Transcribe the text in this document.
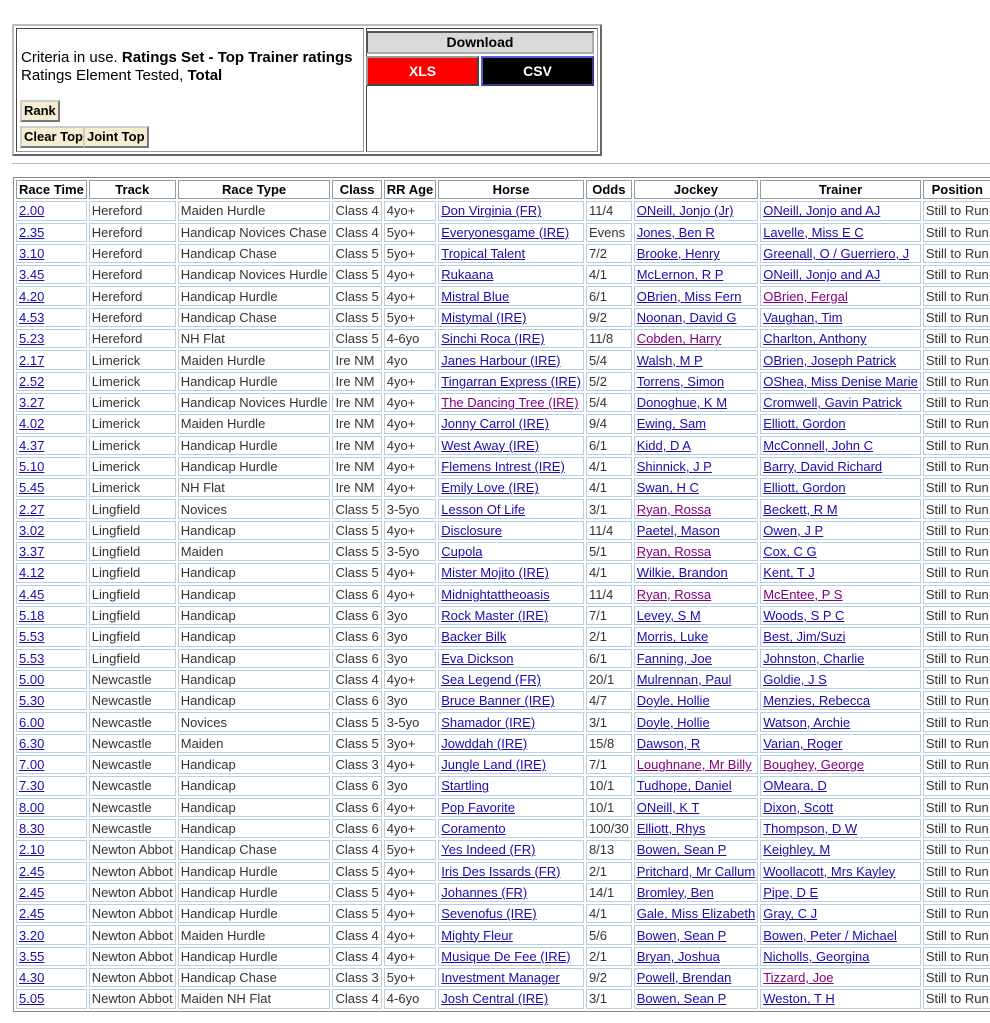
Criteria in use. Ratings Set - Top Trainer ratings
Ratings Element Tested, Total

Rank
Clear Top Joint Top
Download
XLS	CSV
Race Time	Track	Race Type	Class	RR Age	Horse	Odds	Jockey	Trainer	Position
2.00	Hereford	Maiden Hurdle	Class 4	4yo+	Don Virginia (FR)	11/4	ONeill, Jonjo (Jr)	ONeill, Jonjo and AJ	Still to Run
2.35	Hereford	Handicap Novices Chase	Class 4	5yo+	Everyonesgame (IRE)	Evens	Jones, Ben R	Lavelle, Miss E C	Still to Run
3.10	Hereford	Handicap Chase	Class 5	5yo+	Tropical Talent	7/2	Brooke, Henry	Greenall, O / Guerriero, J	Still to Run
3.45	Hereford	Handicap Novices Hurdle	Class 5	4yo+	Rukaana	4/1	McLernon, R P	ONeill, Jonjo and AJ	Still to Run
4.20	Hereford	Handicap Hurdle	Class 5	4yo+	Mistral Blue	6/1	OBrien, Miss Fern	OBrien, Fergal	Still to Run
4.53	Hereford	Handicap Chase	Class 5	5yo+	Mistymal (IRE)	9/2	Noonan, David G	Vaughan, Tim	Still to Run
5.23	Hereford	NH Flat	Class 5	4-6yo	Sinchi Roca (IRE)	11/8	Cobden, Harry	Charlton, Anthony	Still to Run
2.17	Limerick	Maiden Hurdle	Ire NM	4yo	Janes Harbour (IRE)	5/4	Walsh, M P	OBrien, Joseph Patrick	Still to Run
2.52	Limerick	Handicap Hurdle	Ire NM	4yo+	Tingarran Express (IRE)	5/2	Torrens, Simon	OShea, Miss Denise Marie	Still to Run
3.27	Limerick	Handicap Novices Hurdle	Ire NM	4yo+	The Dancing Tree (IRE)	5/4	Donoghue, K M	Cromwell, Gavin Patrick	Still to Run
4.02	Limerick	Maiden Hurdle	Ire NM	4yo+	Jonny Carrol (IRE)	9/4	Ewing, Sam	Elliott, Gordon	Still to Run
4.37	Limerick	Handicap Hurdle	Ire NM	4yo+	West Away (IRE)	6/1	Kidd, D A	McConnell, John C	Still to Run
5.10	Limerick	Handicap Hurdle	Ire NM	4yo+	Flemens Intrest (IRE)	4/1	Shinnick, J P	Barry, David Richard	Still to Run
5.45	Limerick	NH Flat	Ire NM	4yo+	Emily Love (IRE)	4/1	Swan, H C	Elliott, Gordon	Still to Run
2.27	Lingfield	Novices	Class 5	3-5yo	Lesson Of Life	3/1	Ryan, Rossa	Beckett, R M	Still to Run
3.02	Lingfield	Handicap	Class 5	4yo+	Disclosure	11/4	Paetel, Mason	Owen, J P	Still to Run
3.37	Lingfield	Maiden	Class 5	3-5yo	Cupola	5/1	Ryan, Rossa	Cox, C G	Still to Run
4.12	Lingfield	Handicap	Class 5	4yo+	Mister Mojito (IRE)	4/1	Wilkie, Brandon	Kent, T J	Still to Run
4.45	Lingfield	Handicap	Class 6	4yo+	Midnightattheoasis	11/4	Ryan, Rossa	McEntee, P S	Still to Run
5.18	Lingfield	Handicap	Class 6	3yo	Rock Master (IRE)	7/1	Levey, S M	Woods, S P C	Still to Run
5.53	Lingfield	Handicap	Class 6	3yo	Backer Bilk	2/1	Morris, Luke	Best, Jim/Suzi	Still to Run
5.53	Lingfield	Handicap	Class 6	3yo	Eva Dickson	6/1	Fanning, Joe	Johnston, Charlie	Still to Run
5.00	Newcastle	Handicap	Class 4	4yo+	Sea Legend (FR)	20/1	Mulrennan, Paul	Goldie, J S	Still to Run
5.30	Newcastle	Handicap	Class 6	3yo	Bruce Banner (IRE)	4/7	Doyle, Hollie	Menzies, Rebecca	Still to Run
6.00	Newcastle	Novices	Class 5	3-5yo	Shamador (IRE)	3/1	Doyle, Hollie	Watson, Archie	Still to Run
6.30	Newcastle	Maiden	Class 5	3yo+	Jowddah (IRE)	15/8	Dawson, R	Varian, Roger	Still to Run
7.00	Newcastle	Handicap	Class 3	4yo+	Jungle Land (IRE)	7/1	Loughnane, Mr Billy	Boughey, George	Still to Run
7.30	Newcastle	Handicap	Class 6	3yo	Startling	10/1	Tudhope, Daniel	OMeara, D	Still to Run
8.00	Newcastle	Handicap	Class 6	4yo+	Pop Favorite	10/1	ONeill, K T	Dixon, Scott	Still to Run
8.30	Newcastle	Handicap	Class 6	4yo+	Coramento	100/30	Elliott, Rhys	Thompson, D W	Still to Run
2.10	Newton Abbot	Handicap Chase	Class 4	5yo+	Yes Indeed (FR)	8/13	Bowen, Sean P	Keighley, M	Still to Run
2.45	Newton Abbot	Handicap Hurdle	Class 5	4yo+	Iris Des Issards (FR)	2/1	Pritchard, Mr Callum	Woollacott, Mrs Kayley	Still to Run
2.45	Newton Abbot	Handicap Hurdle	Class 5	4yo+	Johannes (FR)	14/1	Bromley, Ben	Pipe, D E	Still to Run
2.45	Newton Abbot	Handicap Hurdle	Class 5	4yo+	Sevenofus (IRE)	4/1	Gale, Miss Elizabeth	Gray, C J	Still to Run
3.20	Newton Abbot	Maiden Hurdle	Class 4	4yo+	Mighty Fleur	5/6	Bowen, Sean P	Bowen, Peter / Michael	Still to Run
3.55	Newton Abbot	Handicap Hurdle	Class 4	4yo+	Musique De Fee (IRE)	2/1	Bryan, Joshua	Nicholls, Georgina	Still to Run
4.30	Newton Abbot	Handicap Chase	Class 3	5yo+	Investment Manager	9/2	Powell, Brendan	Tizzard, Joe	Still to Run
5.05	Newton Abbot	Maiden NH Flat	Class 4	4-6yo	Josh Central (IRE)	3/1	Bowen, Sean P	Weston, T H	Still to Run
